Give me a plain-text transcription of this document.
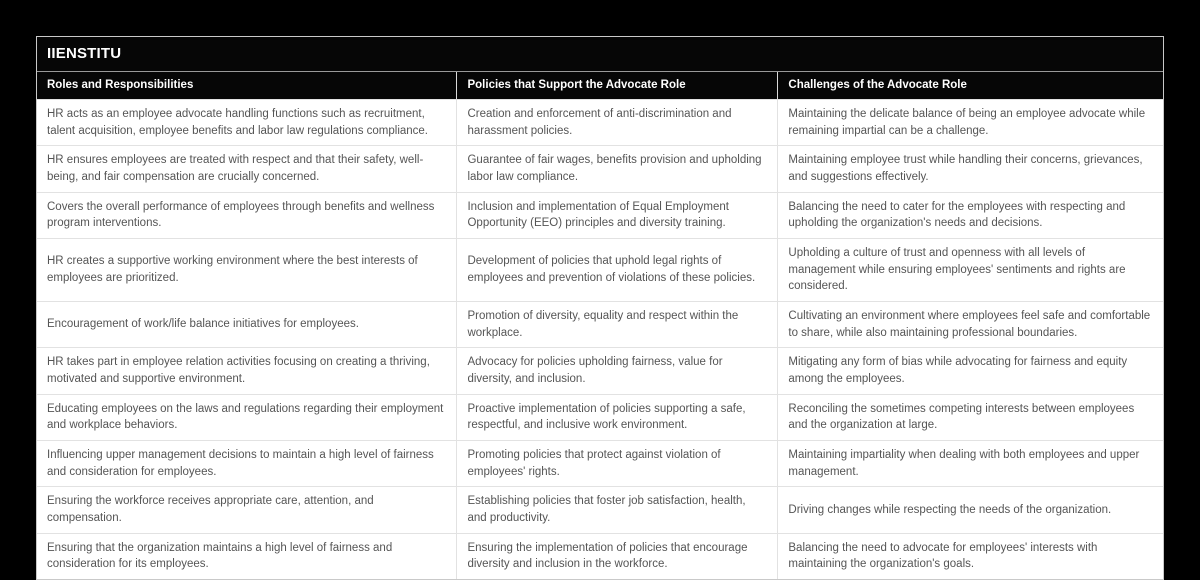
IIENSTITU
Roles and Responsibilities	Policies that Support the Advocate Role	Challenges of the Advocate Role
HR acts as an employee advocate handling functions such as recruitment, talent acquisition, employee benefits and labor law regulations compliance.	Creation and enforcement of anti-discrimination and harassment policies.	Maintaining the delicate balance of being an employee advocate while remaining impartial can be a challenge.
HR ensures employees are treated with respect and that their safety, well-being, and fair compensation are crucially concerned.	Guarantee of fair wages, benefits provision and upholding labor law compliance.	Maintaining employee trust while handling their concerns, grievances, and suggestions effectively.
Covers the overall performance of employees through benefits and wellness program interventions.	Inclusion and implementation of Equal Employment Opportunity (EEO) principles and diversity training.	Balancing the need to cater for the employees with respecting and upholding the organization's needs and decisions.
HR creates a supportive working environment where the best interests of employees are prioritized.	Development of policies that uphold legal rights of employees and prevention of violations of these policies.	Upholding a culture of trust and openness with all levels of management while ensuring employees' sentiments and rights are considered.
Encouragement of work/life balance initiatives for employees.	Promotion of diversity, equality and respect within the workplace.	Cultivating an environment where employees feel safe and comfortable to share, while also maintaining professional boundaries.
HR takes part in employee relation activities focusing on creating a thriving, motivated and supportive environment.	Advocacy for policies upholding fairness, value for diversity, and inclusion.	Mitigating any form of bias while advocating for fairness and equity among the employees.
Educating employees on the laws and regulations regarding their employment and workplace behaviors.	Proactive implementation of policies supporting a safe, respectful, and inclusive work environment.	Reconciling the sometimes competing interests between employees and the organization at large.
Influencing upper management decisions to maintain a high level of fairness and consideration for employees.	Promoting policies that protect against violation of employees' rights.	Maintaining impartiality when dealing with both employees and upper management.
Ensuring the workforce receives appropriate care, attention, and compensation.	Establishing policies that foster job satisfaction, health, and productivity.	Driving changes while respecting the needs of the organization.
Ensuring that the organization maintains a high level of fairness and consideration for its employees.	Ensuring the implementation of policies that encourage diversity and inclusion in the workforce.	Balancing the need to advocate for employees' interests with maintaining the organization's goals.
